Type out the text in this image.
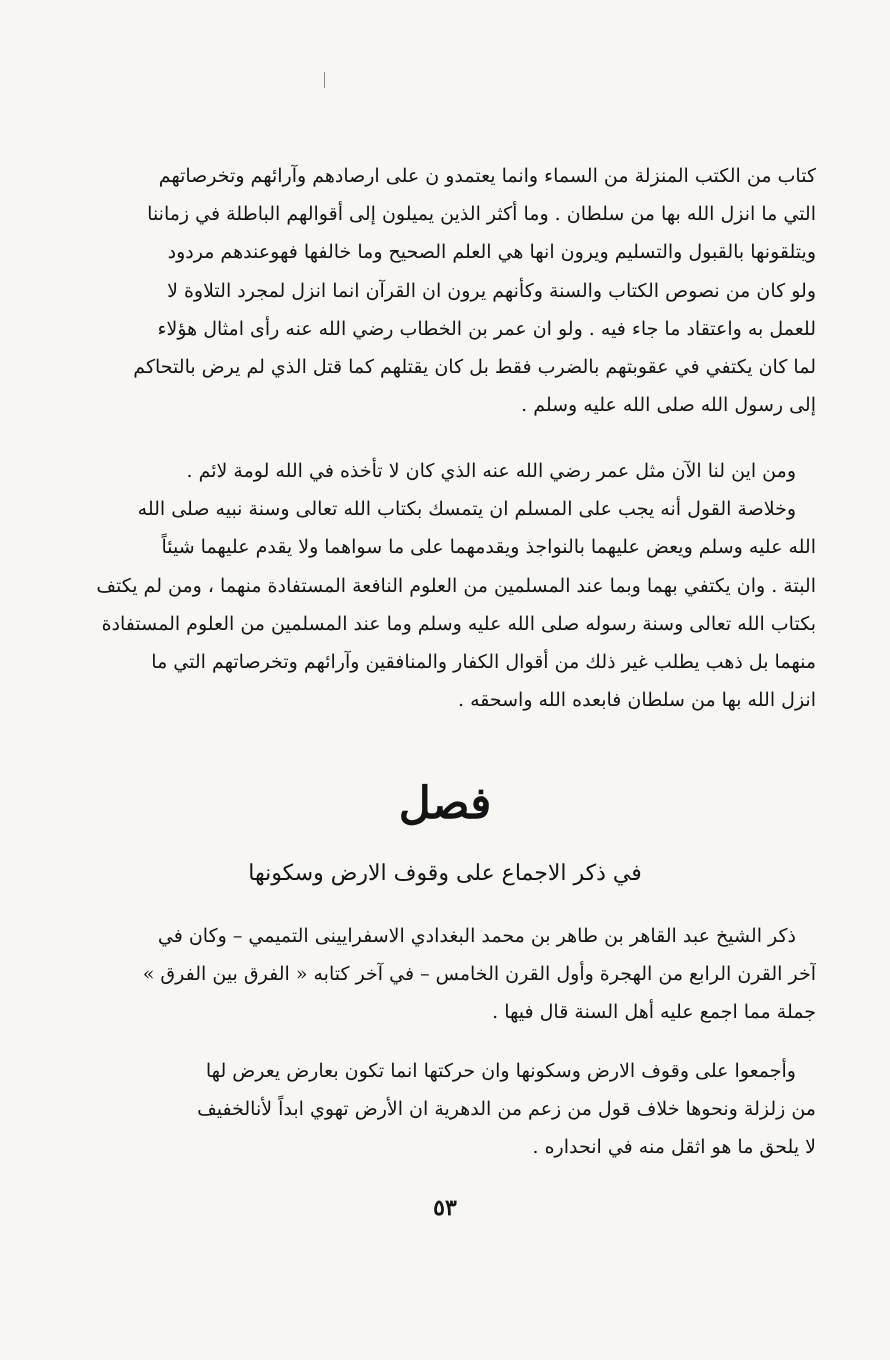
كتاب من الكتب المنزلة من السماء وانما يعتمدو ن على ارصادهم وآرائهم وتخرصاتهم
التي ما انزل الله بها من سلطان . وما أكثر الذين يميلون إلى أقوالهم الباطلة في زماننا
ويتلقونها بالقبول والتسليم ويرون انها هي العلم الصحيح وما خالفها فهوعندهم مردود
ولو كان من نصوص الكتاب والسنة وكأنهم يرون ان القرآن انما انزل لمجرد التلاوة لا
للعمل به واعتقاد ما جاء فيه . ولو ان عمر بن الخطاب رضي الله عنه رأى امثال هؤلاء
لما كان يكتفي في عقوبتهم بالضرب فقط بل كان يقتلهم كما قتل الذي لم يرض بالتحاكم
إلى رسول الله صلى الله عليه وسلم .
ومن اين لنا الآن مثل عمر رضي الله عنه الذي كان لا تأخذه في الله لومة لائم .
وخلاصة القول أنه يجب على المسلم ان يتمسك بكتاب الله تعالى وسنة نبيه صلى الله
الله عليه وسلم ويعض عليهما بالنواجذ ويقدمهما على ما سواهما ولا يقدم عليهما شيئاً
البتة . وان يكتفي بهما وبما عند المسلمين من العلوم النافعة المستفادة منهما ، ومن لم يكتف
بكتاب الله تعالى وسنة رسوله صلى الله عليه وسلم وما عند المسلمين من العلوم المستفادة
منهما بل ذهب يطلب غير ذلك من أقوال الكفار والمنافقين وآرائهم وتخرصاتهم التي ما
انزل الله بها من سلطان فابعده الله واسحقه .
فصل
في ذكر الاجماع على وقوف الارض وسكونها
ذكر الشيخ عبد القاهر بن طاهر بن محمد البغدادي الاسفرايينى التميمي – وكان في
آخر القرن الرابع من الهجرة وأول القرن الخامس – في آخر كتابه « الفرق بين الفرق »
جملة مما اجمع عليه أهل السنة قال فيها .
وأجمعوا على وقوف الارض وسكونها وان حركتها انما تكون بعارض يعرض لها
من زلزلة ونحوها خلاف قول من زعم من الدهرية ان الأرض تهوي ابداً لأنالخفيف
لا يلحق ما هو اثقل منه في انحداره .
٥٣
